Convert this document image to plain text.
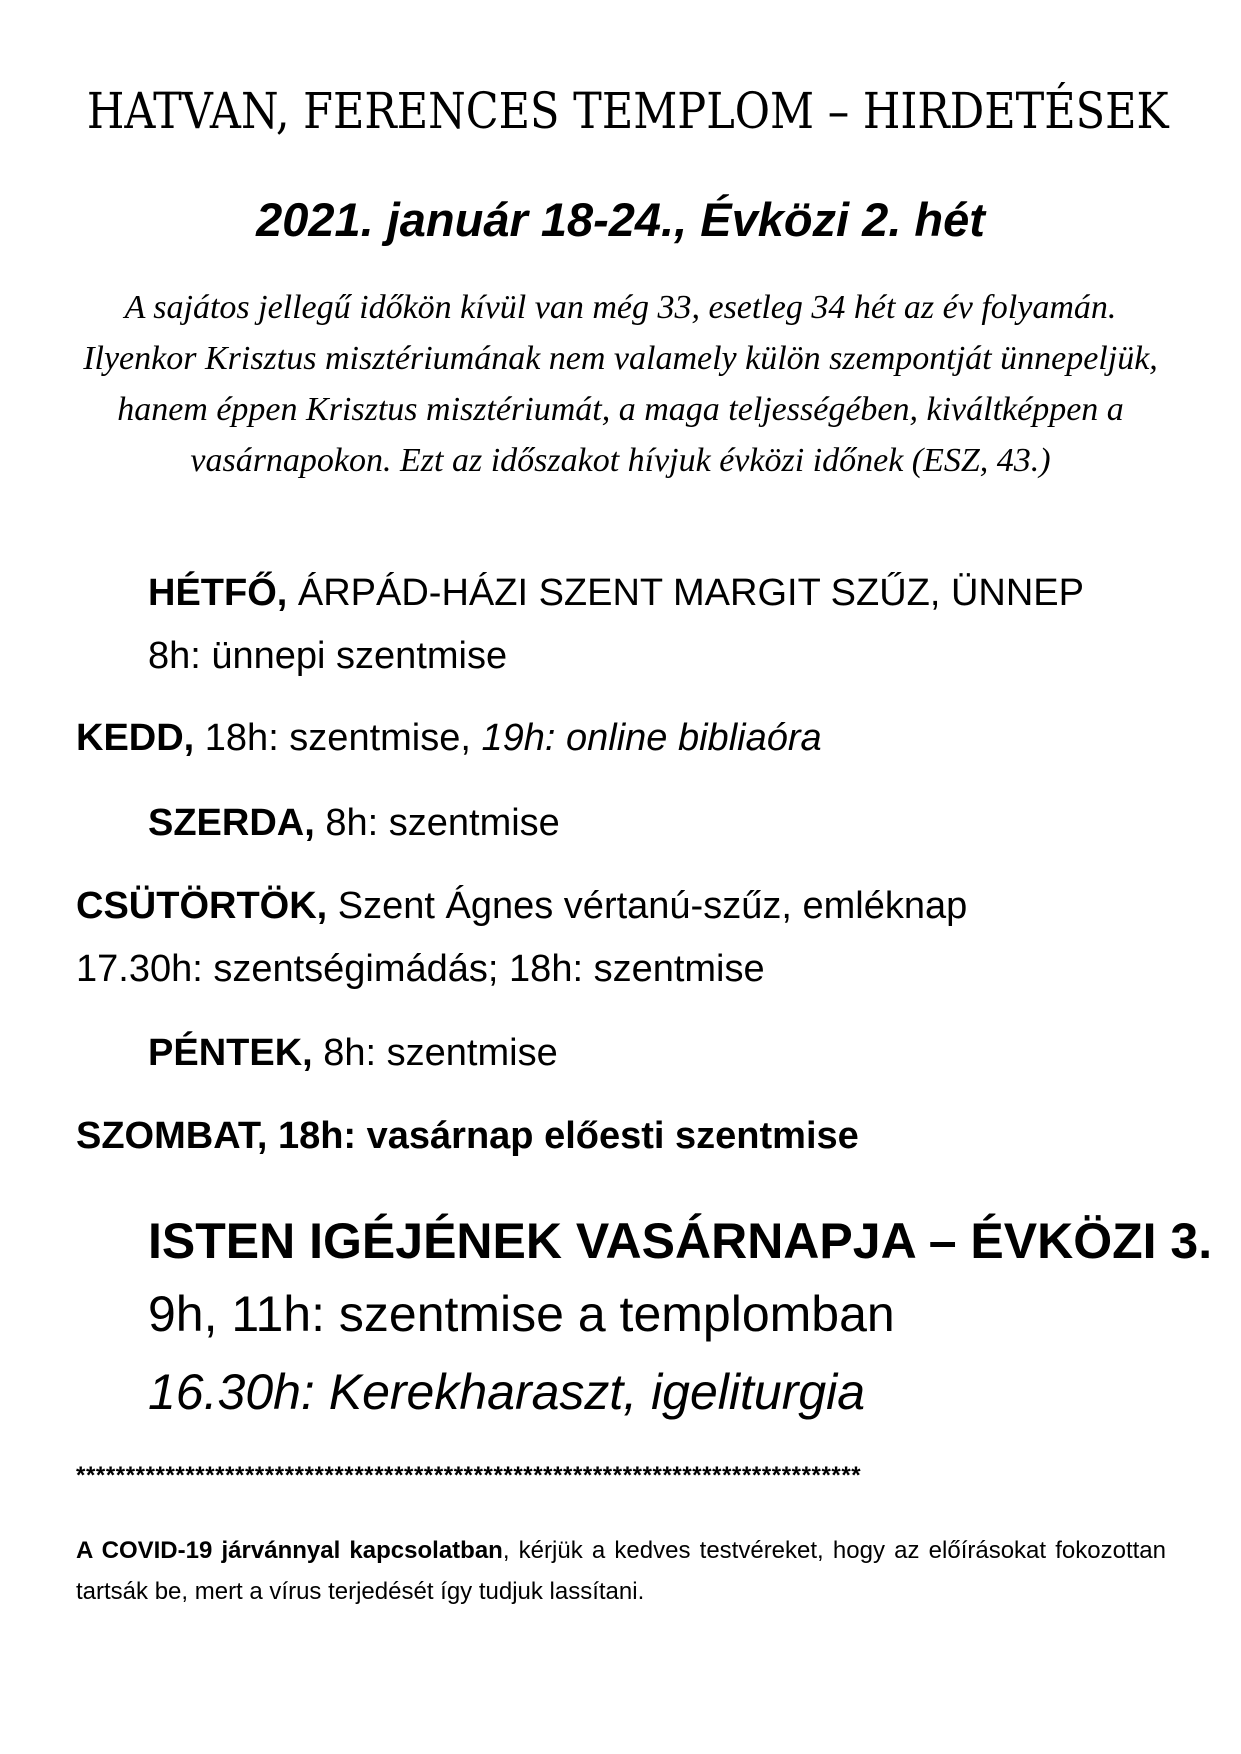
HATVAN, FERENCES TEMPLOM – HIRDETÉSEK
2021. január 18-24., Évközi 2. hét
A sajátos jellegű időkön kívül van még 33, esetleg 34 hét az év folyamán. Ilyenkor Krisztus misztériumának nem valamely külön szempontját ünnepeljük, hanem éppen Krisztus misztériumát, a maga teljességében, kiváltképpen a vasárnapokon. Ezt az időszakot hívjuk évközi időnek (ESZ, 43.)
HÉTFŐ, ÁRPÁD-HÁZI SZENT MARGIT SZŰZ, ÜNNEP
8h: ünnepi szentmise
KEDD, 18h: szentmise, 19h: online bibliaóra
SZERDA, 8h: szentmise
CSÜTÖRTÖK, Szent Ágnes vértanú-szűz, emléknap
17.30h: szentségimádás; 18h: szentmise
PÉNTEK, 8h: szentmise
SZOMBAT, 18h: vasárnap előesti szentmise
ISTEN IGÉJÉNEK VASÁRNAPJA – ÉVKÖZI 3.
9h, 11h: szentmise a templomban
16.30h: Kerekharaszt, igeliturgia
*******************************************************************************
A COVID-19 járvánnyal kapcsolatban, kérjük a kedves testvéreket, hogy az előírásokat fokozottan tartsák be, mert a vírus terjedését így tudjuk lassítani.
